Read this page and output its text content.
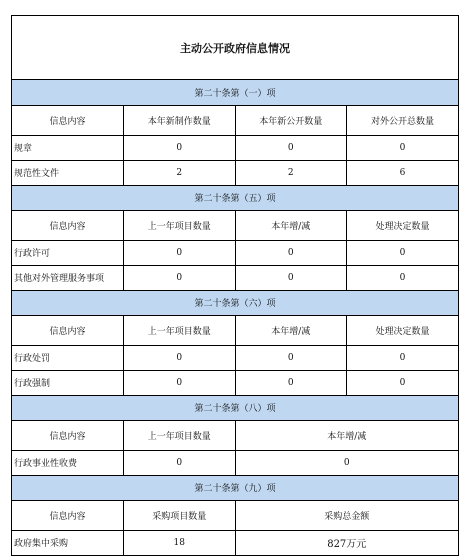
主动公开政府信息情况
第二十条第（一）项			
信息内容	本年新制作数量	本年新公开数量	对外公开总数量
规章	0	0	0
规范性文件	2	2	6
第二十条第（五）项			
信息内容	上一年项目数量	本年增/减	处理决定数量
行政许可	0	0	0
其他对外管理服务事项	0	0	0
第二十条第（六）项			
信息内容	上一年项目数量	本年增/减	处理决定数量
行政处罚	0	0	0
行政强制	0	0	0
第二十条第（八）项			
信息内容	上一年项目数量	本年增/减	
行政事业性收费	0	0	
第二十条第（九）项			
信息内容	采购项目数量	采购总金额	
政府集中采购	18	827万元	
